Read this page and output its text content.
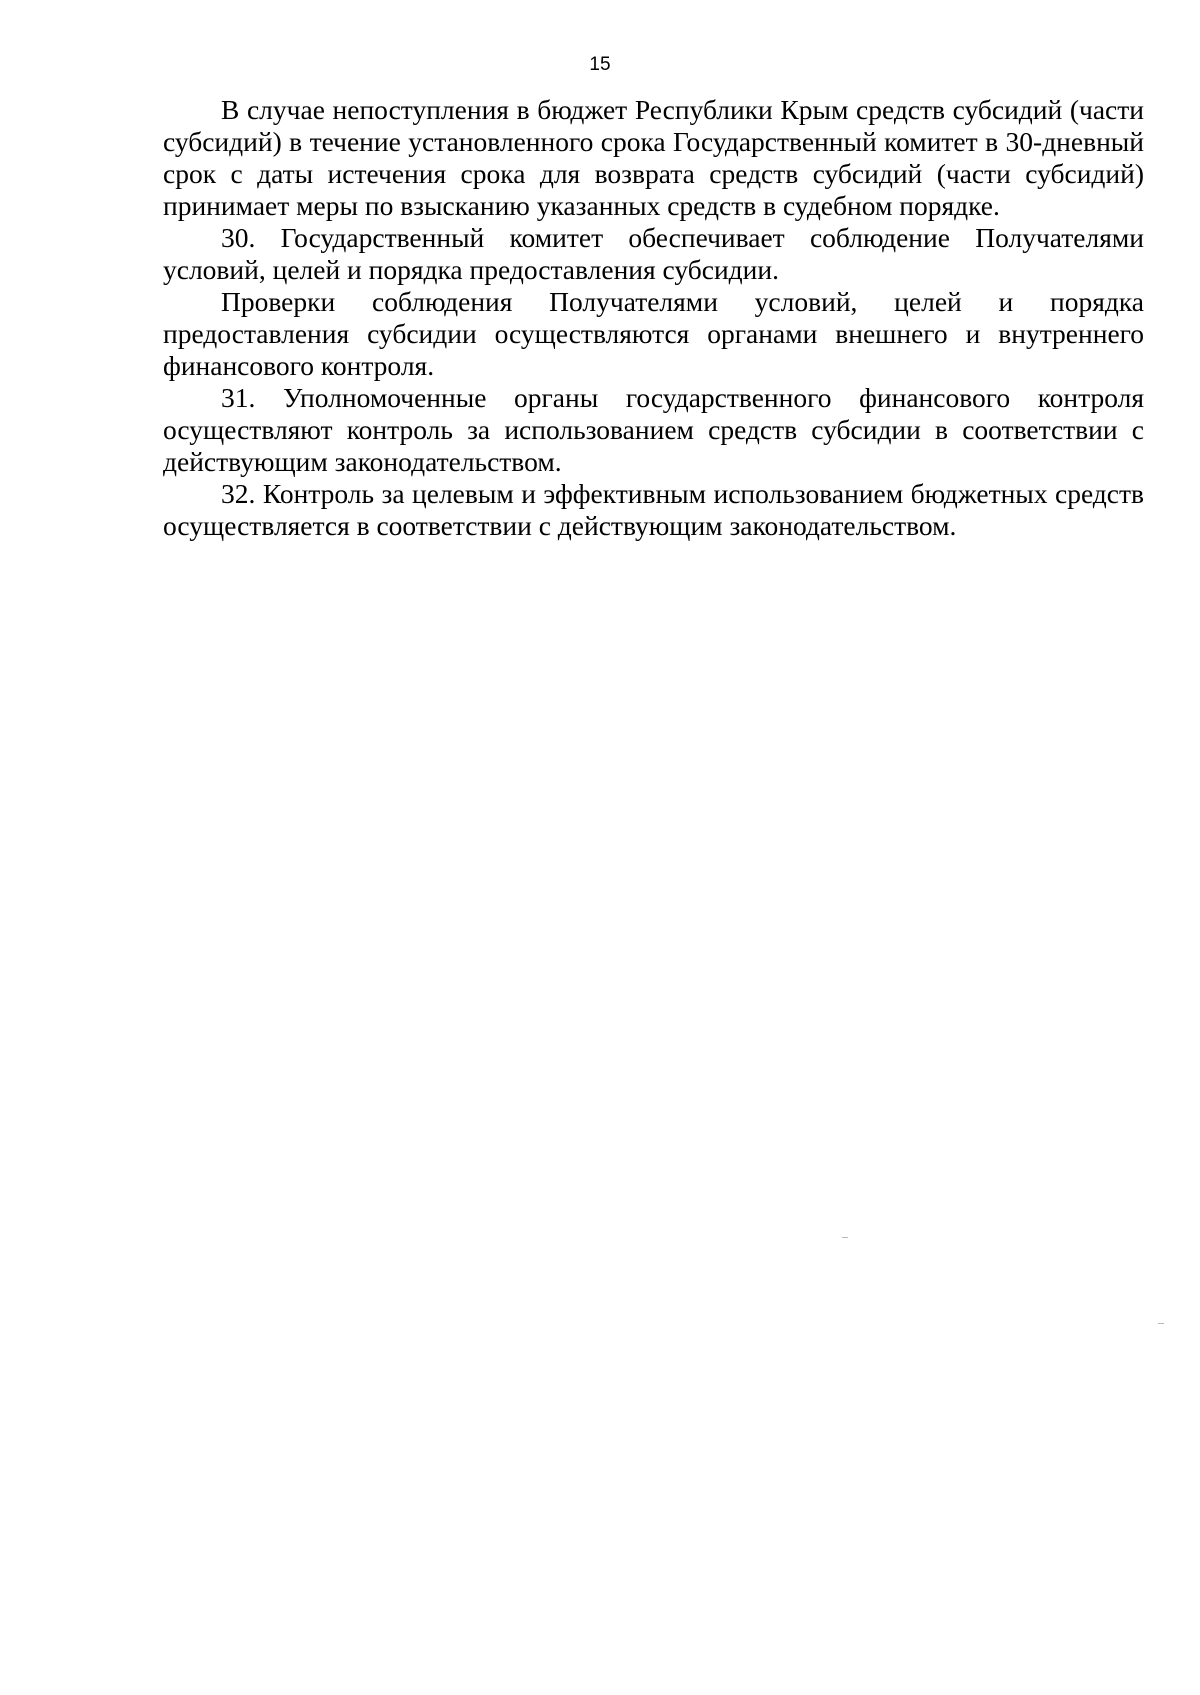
15

В случае непоступления в бюджет Республики Крым средств субсидий (части субсидий) в течение установленного срока Государственный комитет в 30-дневный срок с даты истечения срока для возврата средств субсидий (части субсидий) принимает меры по взысканию указанных средств в судебном порядке.

30. Государственный комитет обеспечивает соблюдение Получателями условий, целей и порядка предоставления субсидии.

Проверки соблюдения Получателями условий, целей и порядка предоставления субсидии осуществляются органами внешнего и внутреннего финансового контроля.

31. Уполномоченные органы государственного финансового контроля осуществляют контроль за использованием средств субсидии в соответствии с действующим законодательством.

32. Контроль за целевым и эффективным использованием бюджетных средств осуществляется в соответствии с действующим законодательством.
